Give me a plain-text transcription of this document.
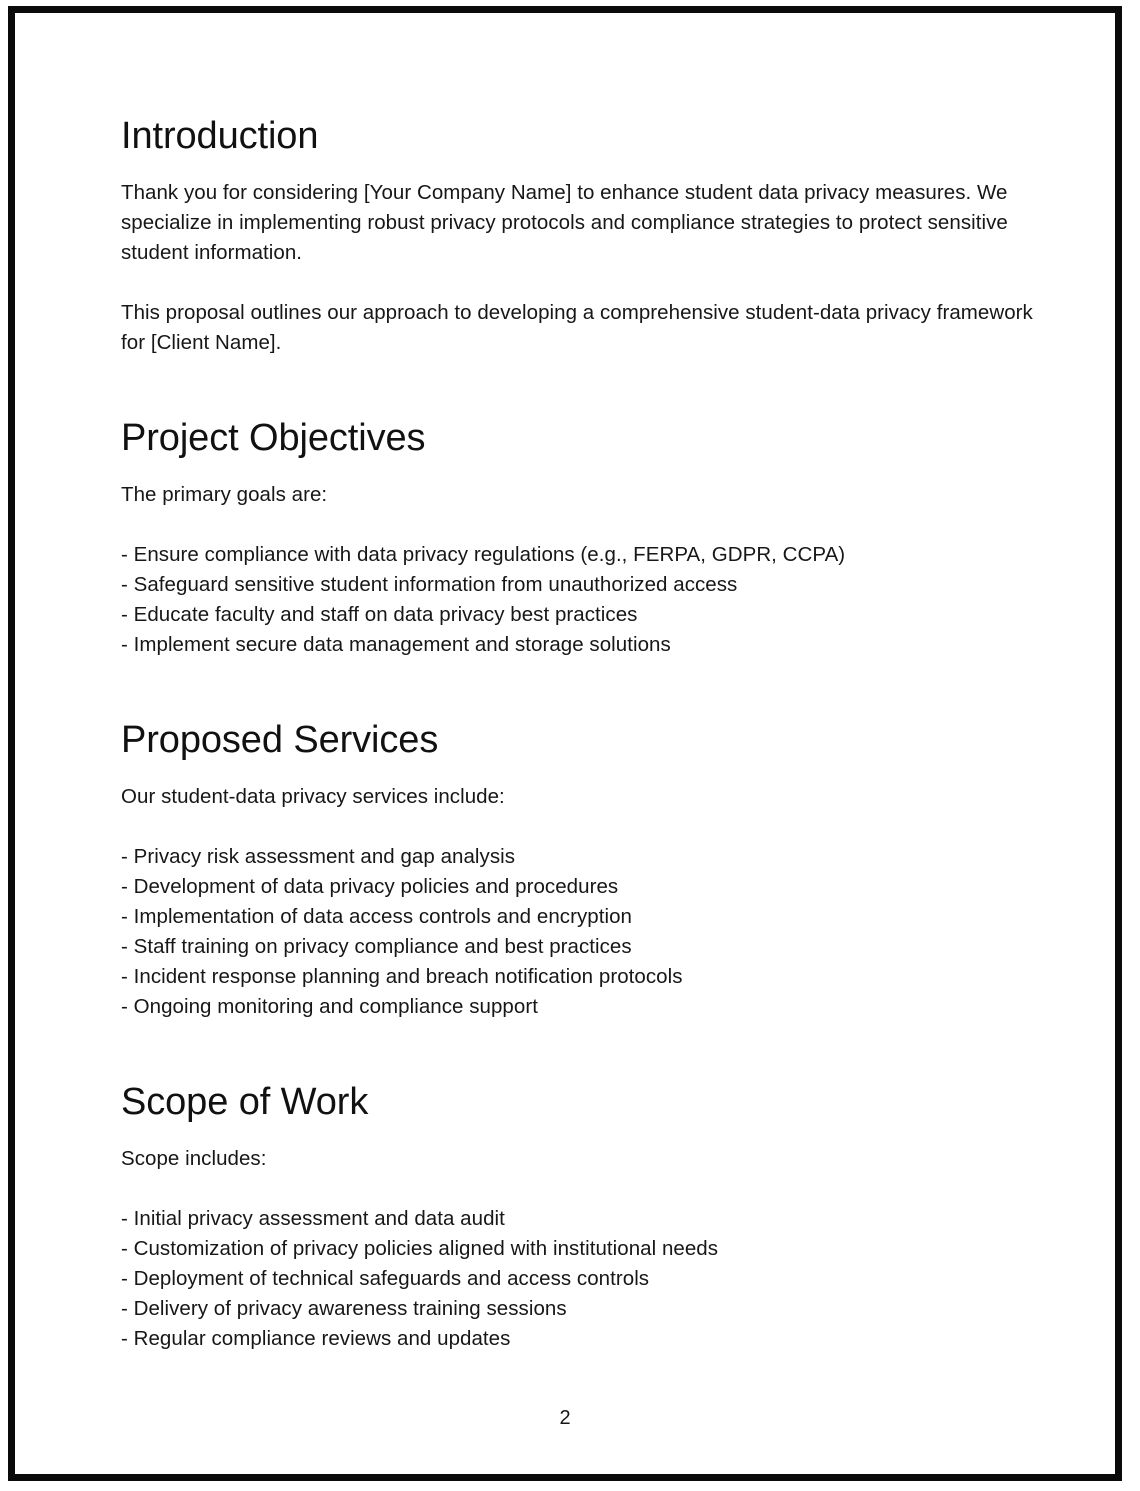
Introduction

Thank you for considering [Your Company Name] to enhance student data privacy measures. We specialize in implementing robust privacy protocols and compliance strategies to protect sensitive student information.

This proposal outlines our approach to developing a comprehensive student-data privacy framework for [Client Name].

Project Objectives

The primary goals are:

- Ensure compliance with data privacy regulations (e.g., FERPA, GDPR, CCPA)
- Safeguard sensitive student information from unauthorized access
- Educate faculty and staff on data privacy best practices
- Implement secure data management and storage solutions
Proposed Services

Our student-data privacy services include:

- Privacy risk assessment and gap analysis
- Development of data privacy policies and procedures
- Implementation of data access controls and encryption
- Staff training on privacy compliance and best practices
- Incident response planning and breach notification protocols
- Ongoing monitoring and compliance support
Scope of Work

Scope includes:

- Initial privacy assessment and data audit
- Customization of privacy policies aligned with institutional needs
- Deployment of technical safeguards and access controls
- Delivery of privacy awareness training sessions
- Regular compliance reviews and updates
2
